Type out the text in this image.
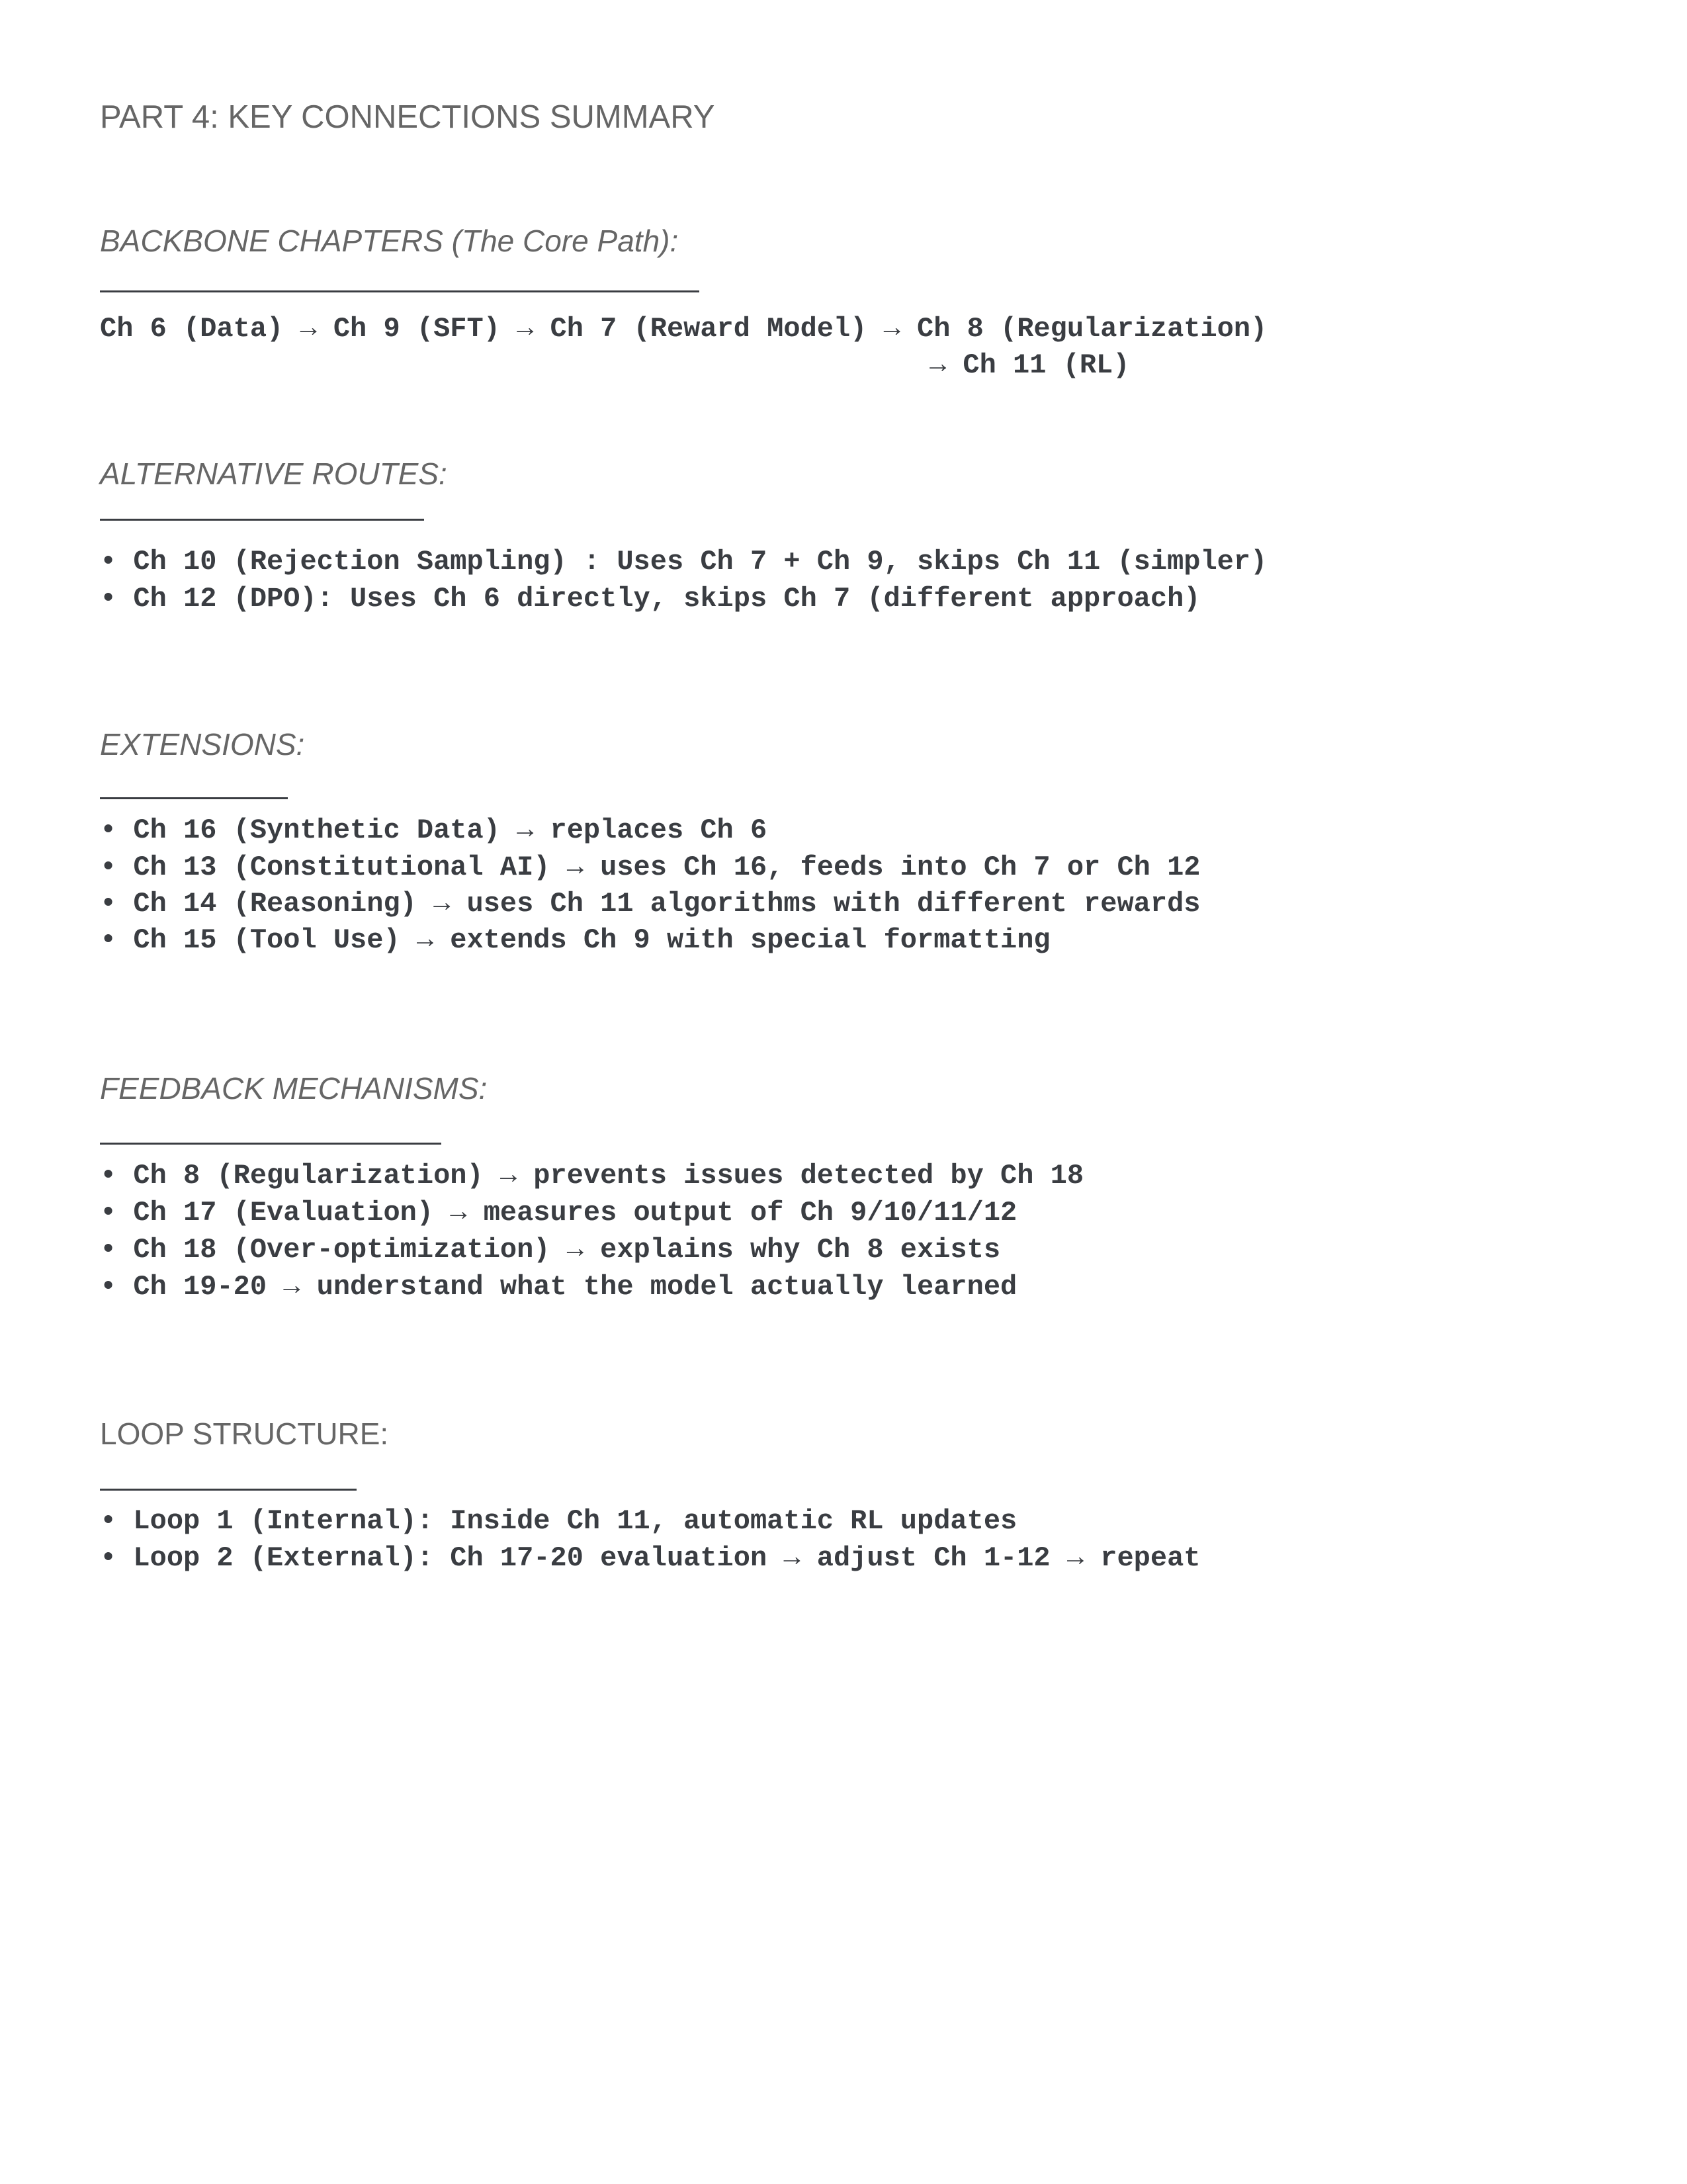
PART 4: KEY CONNECTIONS SUMMARY
BACKBONE CHAPTERS (The Core Path):
Ch 6 (Data) → Ch 9 (SFT) → Ch 7 (Reward Model) → Ch 8 (Regularization)
→ Ch 11 (RL)
ALTERNATIVE ROUTES:
• Ch 10 (Rejection Sampling) : Uses Ch 7 + Ch 9, skips Ch 11 (simpler)
• Ch 12 (DPO): Uses Ch 6 directly, skips Ch 7 (different approach)
EXTENSIONS:
• Ch 16 (Synthetic Data) → replaces Ch 6
• Ch 13 (Constitutional AI) → uses Ch 16, feeds into Ch 7 or Ch 12
• Ch 14 (Reasoning) → uses Ch 11 algorithms with different rewards
• Ch 15 (Tool Use) → extends Ch 9 with special formatting
FEEDBACK MECHANISMS:
• Ch 8 (Regularization) → prevents issues detected by Ch 18
• Ch 17 (Evaluation) → measures output of Ch 9/10/11/12
• Ch 18 (Over-optimization) → explains why Ch 8 exists
• Ch 19-20 → understand what the model actually learned
LOOP STRUCTURE:
• Loop 1 (Internal): Inside Ch 11, automatic RL updates
• Loop 2 (External): Ch 17-20 evaluation → adjust Ch 1-12 → repeat
